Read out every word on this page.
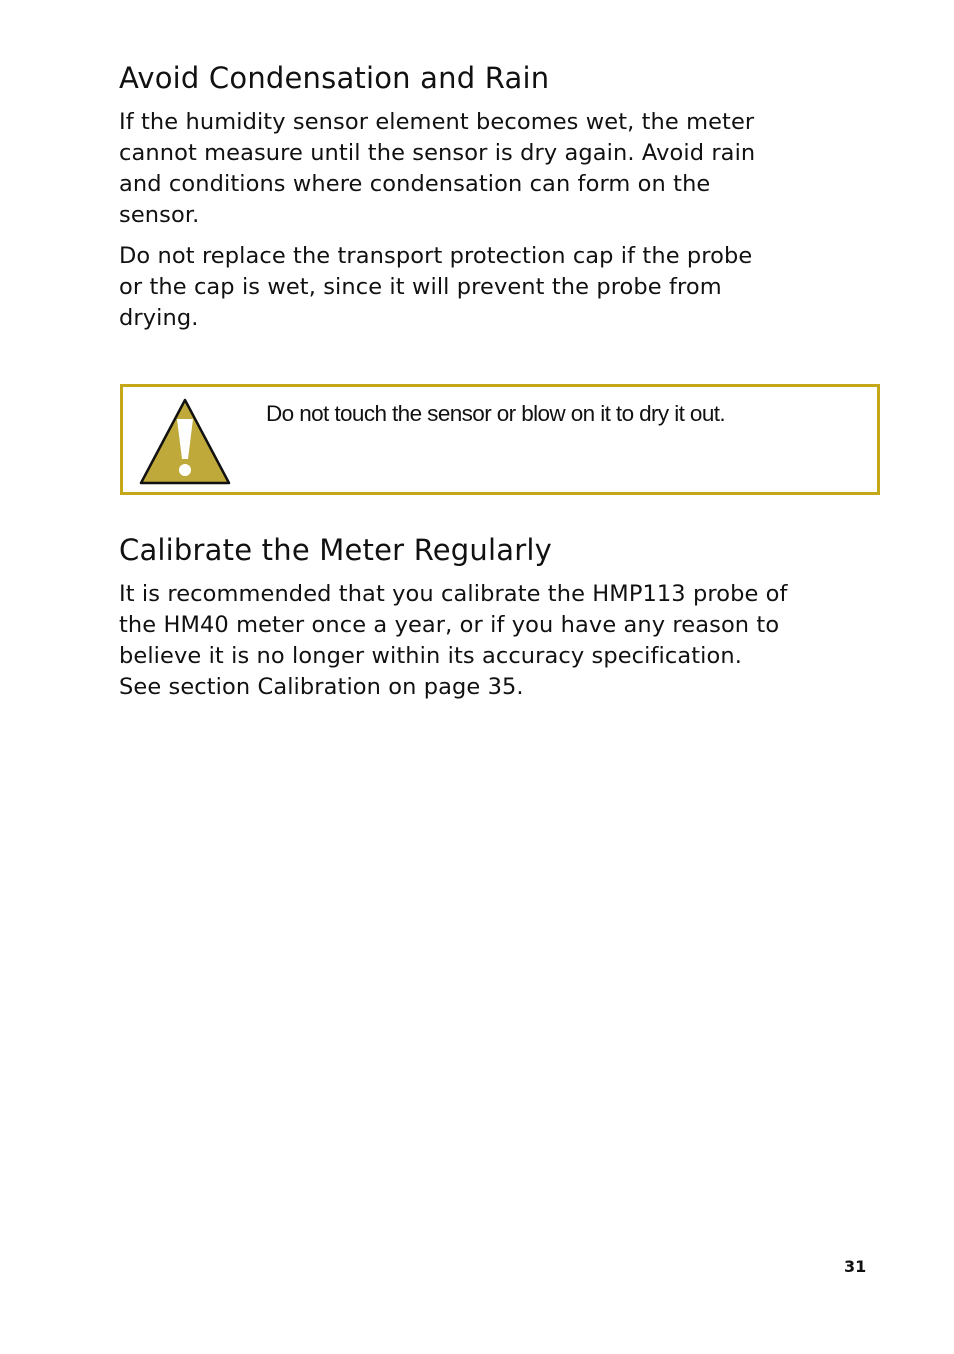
Avoid Condensation and Rain

If the humidity sensor element becomes wet, the meter
cannot measure until the sensor is dry again. Avoid rain
and conditions where condensation can form on the
sensor.

Do not replace the transport protection cap if the probe
or the cap is wet, since it will prevent the probe from
drying.

Do not touch the sensor or blow on it to dry it out.

Calibrate the Meter Regularly

It is recommended that you calibrate the HMP113 probe of
the HM40 meter once a year, or if you have any reason to
believe it is no longer within its accuracy specification.
See section Calibration on page 35.

31
